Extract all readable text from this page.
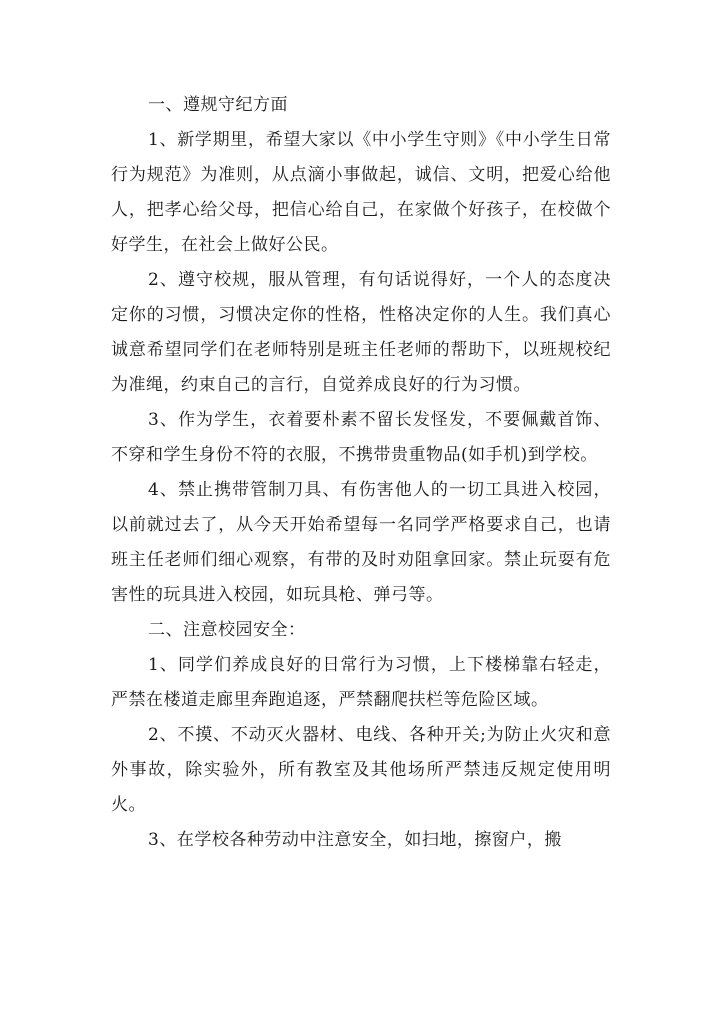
一、遵规守纪方面

1、新学期里，希望大家以《中小学生守则》《中小学生日常行为规范》为准则，从点滴小事做起，诚信、文明，把爱心给他人，把孝心给父母，把信心给自己，在家做个好孩子，在校做个好学生，在社会上做好公民。

2、遵守校规，服从管理，有句话说得好，一个人的态度决定你的习惯，习惯决定你的性格，性格决定你的人生。我们真心诚意希望同学们在老师特别是班主任老师的帮助下，以班规校纪为准绳，约束自己的言行，自觉养成良好的行为习惯。

3、作为学生，衣着要朴素不留长发怪发，不要佩戴首饰、不穿和学生身份不符的衣服，不携带贵重物品(如手机)到学校。

4、禁止携带管制刀具、有伤害他人的一切工具进入校园，以前就过去了，从今天开始希望每一名同学严格要求自己，也请班主任老师们细心观察，有带的及时劝阻拿回家。禁止玩耍有危害性的玩具进入校园，如玩具枪、弹弓等。

二、注意校园安全：

1、同学们养成良好的日常行为习惯，上下楼梯靠右轻走，严禁在楼道走廊里奔跑追逐，严禁翻爬扶栏等危险区域。

2、不摸、不动灭火器材、电线、各种开关;为防止火灾和意外事故，除实验外，所有教室及其他场所严禁违反规定使用明火。

3、在学校各种劳动中注意安全，如扫地，擦窗户，搬
